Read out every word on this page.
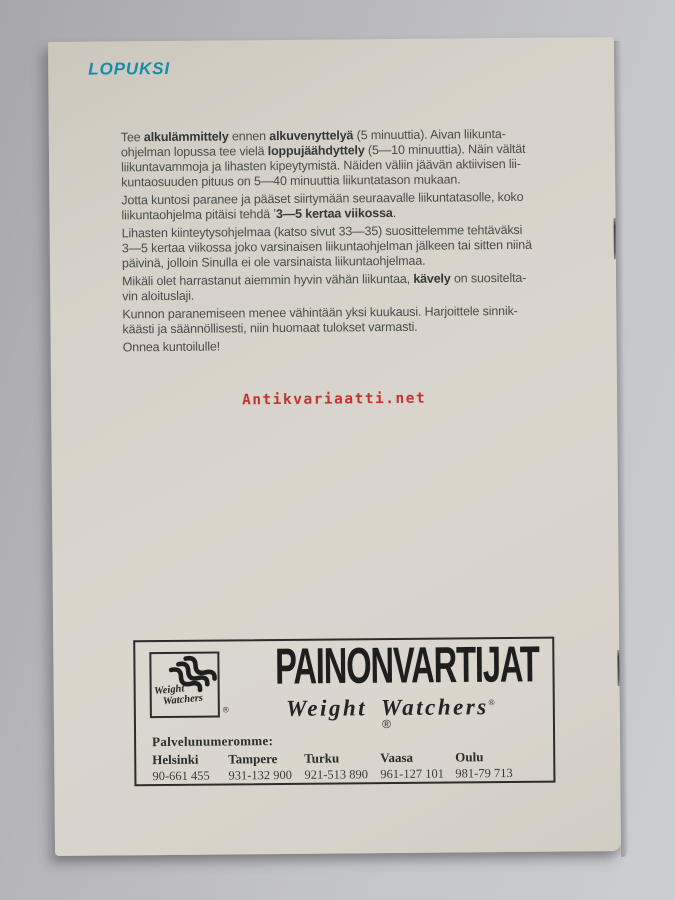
LOPUKSI

Tee alkulämmittely ennen alkuvenyttelyä (5 minuuttia). Aivan liikunta-
ohjelman lopussa tee vielä loppujäähdyttely (5—10 minuuttia). Näin vältät
liikuntavammoja ja lihasten kipeytymistä. Näiden väliin jäävän aktiivisen lii-
kuntaosuuden pituus on 5—40 minuuttia liikuntatason mukaan.

Jotta kuntosi paranee ja pääset siirtymään seuraavalle liikuntatasolle, koko
liikuntaohjelma pitäisi tehdä ʼ3—5 kertaa viikossa.

Lihasten kiinteytysohjelmaa (katso sivut 33—35) suosittelemme tehtäväksi
3—5 kertaa viikossa joko varsinaisen liikuntaohjelman jälkeen tai sitten niinä
päivinä, jolloin Sinulla ei ole varsinaista liikuntaohjelmaa.

Mikäli olet harrastanut aiemmin hyvin vähän liikuntaa, kävely on suositelta-
vin aloituslaji.

Kunnon paranemiseen menee vähintään yksi kuukausi. Harjoittele sinnik-
käästi ja säännöllisesti, niin huomaat tulokset varmasti.

Onnea kuntoilulle!

Antikvariaatti.net
Weight
Watchers
®
PAINONVARTIJAT®
Weight Watchers®
Palvelunumeromme:
Helsinki
90-661 455
Tampere
931-132 900
Turku
921-513 890
Vaasa
961-127 101
Oulu
981-79 713
